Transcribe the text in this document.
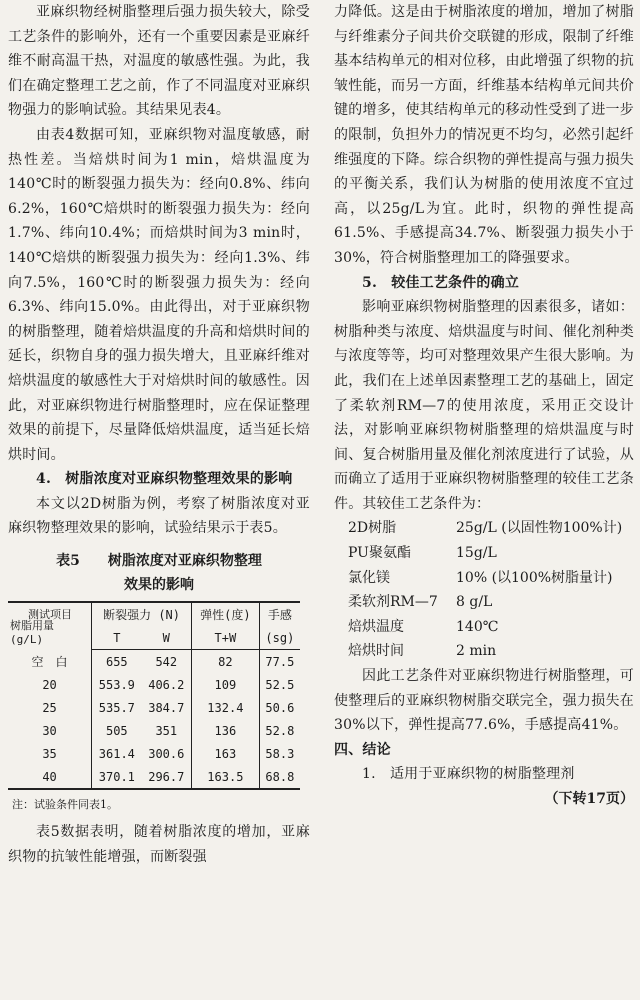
亚麻织物经树脂整理后强力损失较大，除受工艺条件的影响外，还有一个重要因素是亚麻纤维不耐高温干热，对温度的敏感性强。为此，我们在确定整理工艺之前，作了不同温度对亚麻织物强力的影响试验。其结果见表4。

由表4数据可知，亚麻织物对温度敏感，耐热性差。当焙烘时间为1 min，焙烘温度为140℃时的断裂强力损失为：经向0.8%、纬向6.2%，160℃焙烘时的断裂强力损失为：经向1.7%、纬向10.4%；而焙烘时间为3 min时，140℃焙烘的断裂强力损失为：经向1.3%、纬向7.5%，160℃时的断裂强力损失为：经向6.3%、纬向15.0%。由此得出，对于亚麻织物的树脂整理，随着焙烘温度的升高和焙烘时间的延长，织物自身的强力损失增大，且亚麻纤维对焙烘温度的敏感性大于对焙烘时间的敏感性。因此，对亚麻织物进行树脂整理时，应在保证整理效果的前提下，尽量降低焙烘温度，适当延长焙烘时间。

4.　树脂浓度对亚麻织物整理效果的影响

本文以2D树脂为例，考察了树脂浓度对亚麻织物整理效果的影响，试验结果示于表5。

表5　　树脂浓度对亚麻织物整理
效果的影响
测试项目
树脂用量(g/L)	断裂强力 (N)		弹性(度)	手感
	T	W	T+W	(sg)
空　白	655	542	82	77.5
20	553.9	406.2	109	52.5
25	535.7	384.7	132.4	50.6
30	505	351	136	52.8
35	361.4	300.6	163	58.3
40	370.1	296.7	163.5	68.8
注：试验条件同表1。

表5数据表明，随着树脂浓度的增加，亚麻织物的抗皱性能增强，而断裂强

力降低。这是由于树脂浓度的增加，增加了树脂与纤维素分子间共价交联键的形成，限制了纤维基本结构单元的相对位移，由此增强了织物的抗皱性能，而另一方面，纤维基本结构单元间共价键的增多，使其结构单元的移动性受到了进一步的限制，负担外力的情况更不均匀，必然引起纤维强度的下降。综合织物的弹性提高与强力损失的平衡关系，我们认为树脂的使用浓度不宜过高，以25g/L为宜。此时，织物的弹性提高61.5%、手感提高34.7%、断裂强力损失小于30%，符合树脂整理加工的降强要求。

5.　较佳工艺条件的确立

影响亚麻织物树脂整理的因素很多，诸如：树脂种类与浓度、焙烘温度与时间、催化剂种类与浓度等等，均可对整理效果产生很大影响。为此，我们在上述单因素整理工艺的基础上，固定了柔软剂RM—7的使用浓度，采用正交设计法，对影响亚麻织物树脂整理的焙烘温度与时间、复合树脂用量及催化剂浓度进行了试验，从而确立了适用于亚麻织物树脂整理的较佳工艺条件。其较佳工艺条件为：

2D树脂	25g/L (以固性物100%计)
PU聚氨酯	15g/L
氯化镁	10% (以100%树脂量计)
柔软剂RM—7	8 g/L
焙烘温度	140℃
焙烘时间	2 min

因此工艺条件对亚麻织物进行树脂整理，可使整理后的亚麻织物树脂交联完全，强力损失在30%以下，弹性提高77.6%，手感提高41%。

四、结论

1.　适用于亚麻织物的树脂整理剂

（下转17页）
